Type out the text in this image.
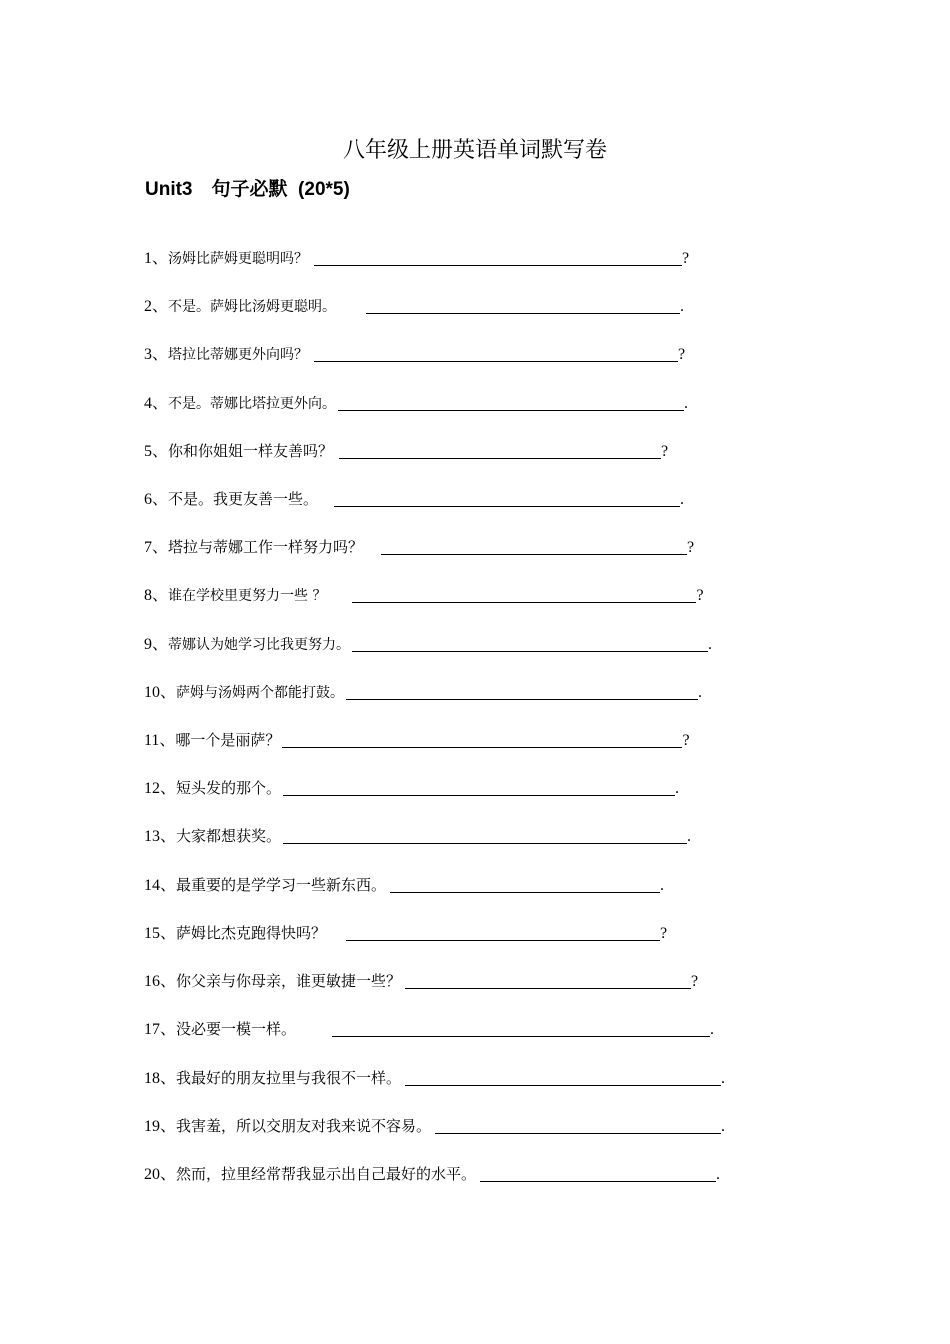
八年级上册英语单词默写卷
Unit3　句子必默  (20*5)
1、汤姆比萨姆更聪明吗？	?
2、不是。萨姆比汤姆更聪明。	.
3、塔拉比蒂娜更外向吗？	?
4、不是。蒂娜比塔拉更外向。	.
5、你和你姐姐一样友善吗？	?
6、不是。我更友善一些。	.
7、塔拉与蒂娜工作一样努力吗？	?
8、谁在学校里更努力一些 ？	?
9、蒂娜认为她学习比我更努力。	.
10、萨姆与汤姆两个都能打鼓。	.
11、哪一个是丽萨？	?
12、短头发的那个。	.
13、大家都想获奖。	.
14、最重要的是学学习一些新东西。	.
15、萨姆比杰克跑得快吗？	?
16、你父亲与你母亲，谁更敏捷一些？	?
17、没必要一模一样。	.
18、我最好的朋友拉里与我很不一样。	.
19、我害羞，所以交朋友对我来说不容易。	.
20、然而，拉里经常帮我显示出自己最好的水平。	.
